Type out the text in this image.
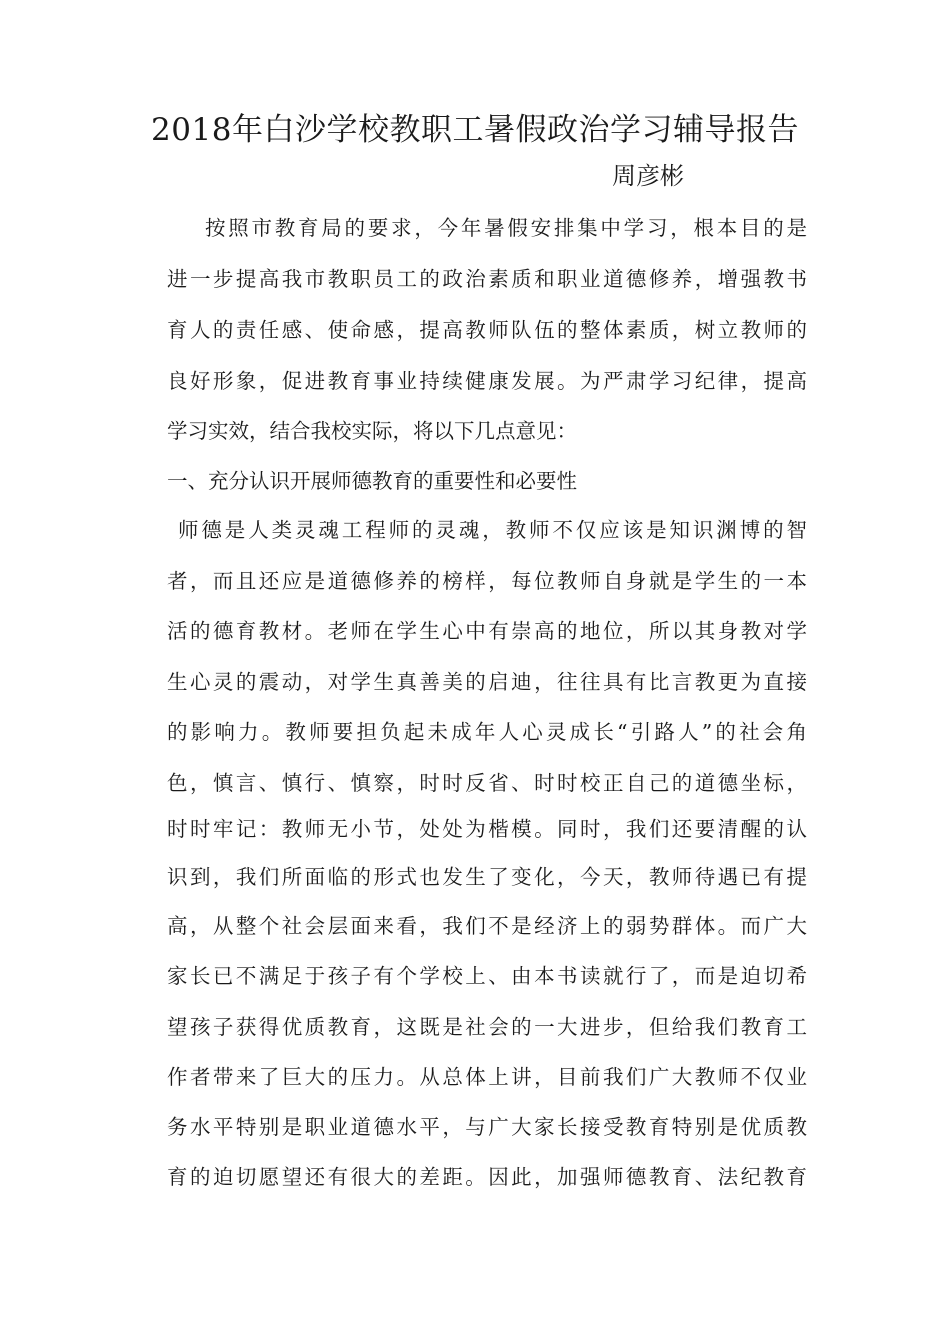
2018年白沙学校教职工暑假政治学习辅导报告
周彦彬
按照市教育局的要求，今年暑假安排集中学习，根本目的是
进一步提高我市教职员工的政治素质和职业道德修养，增强教书
育人的责任感、使命感，提高教师队伍的整体素质，树立教师的
良好形象，促进教育事业持续健康发展。为严肃学习纪律，提高
学习实效，结合我校实际，将以下几点意见：
一、充分认识开展师德教育的重要性和必要性
师德是人类灵魂工程师的灵魂，教师不仅应该是知识渊博的智
者，而且还应是道德修养的榜样，每位教师自身就是学生的一本
活的德育教材。老师在学生心中有崇高的地位，所以其身教对学
生心灵的震动，对学生真善美的启迪，往往具有比言教更为直接
的影响力。教师要担负起未成年人心灵成长“引路人”的社会角
色，慎言、慎行、慎察，时时反省、时时校正自己的道德坐标，
时时牢记：教师无小节，处处为楷模。同时，我们还要清醒的认
识到，我们所面临的形式也发生了变化，今天，教师待遇已有提
高，从整个社会层面来看，我们不是经济上的弱势群体。而广大
家长已不满足于孩子有个学校上、由本书读就行了，而是迫切希
望孩子获得优质教育，这既是社会的一大进步，但给我们教育工
作者带来了巨大的压力。从总体上讲，目前我们广大教师不仅业
务水平特别是职业道德水平，与广大家长接受教育特别是优质教
育的迫切愿望还有很大的差距。因此，加强师德教育、法纪教育
